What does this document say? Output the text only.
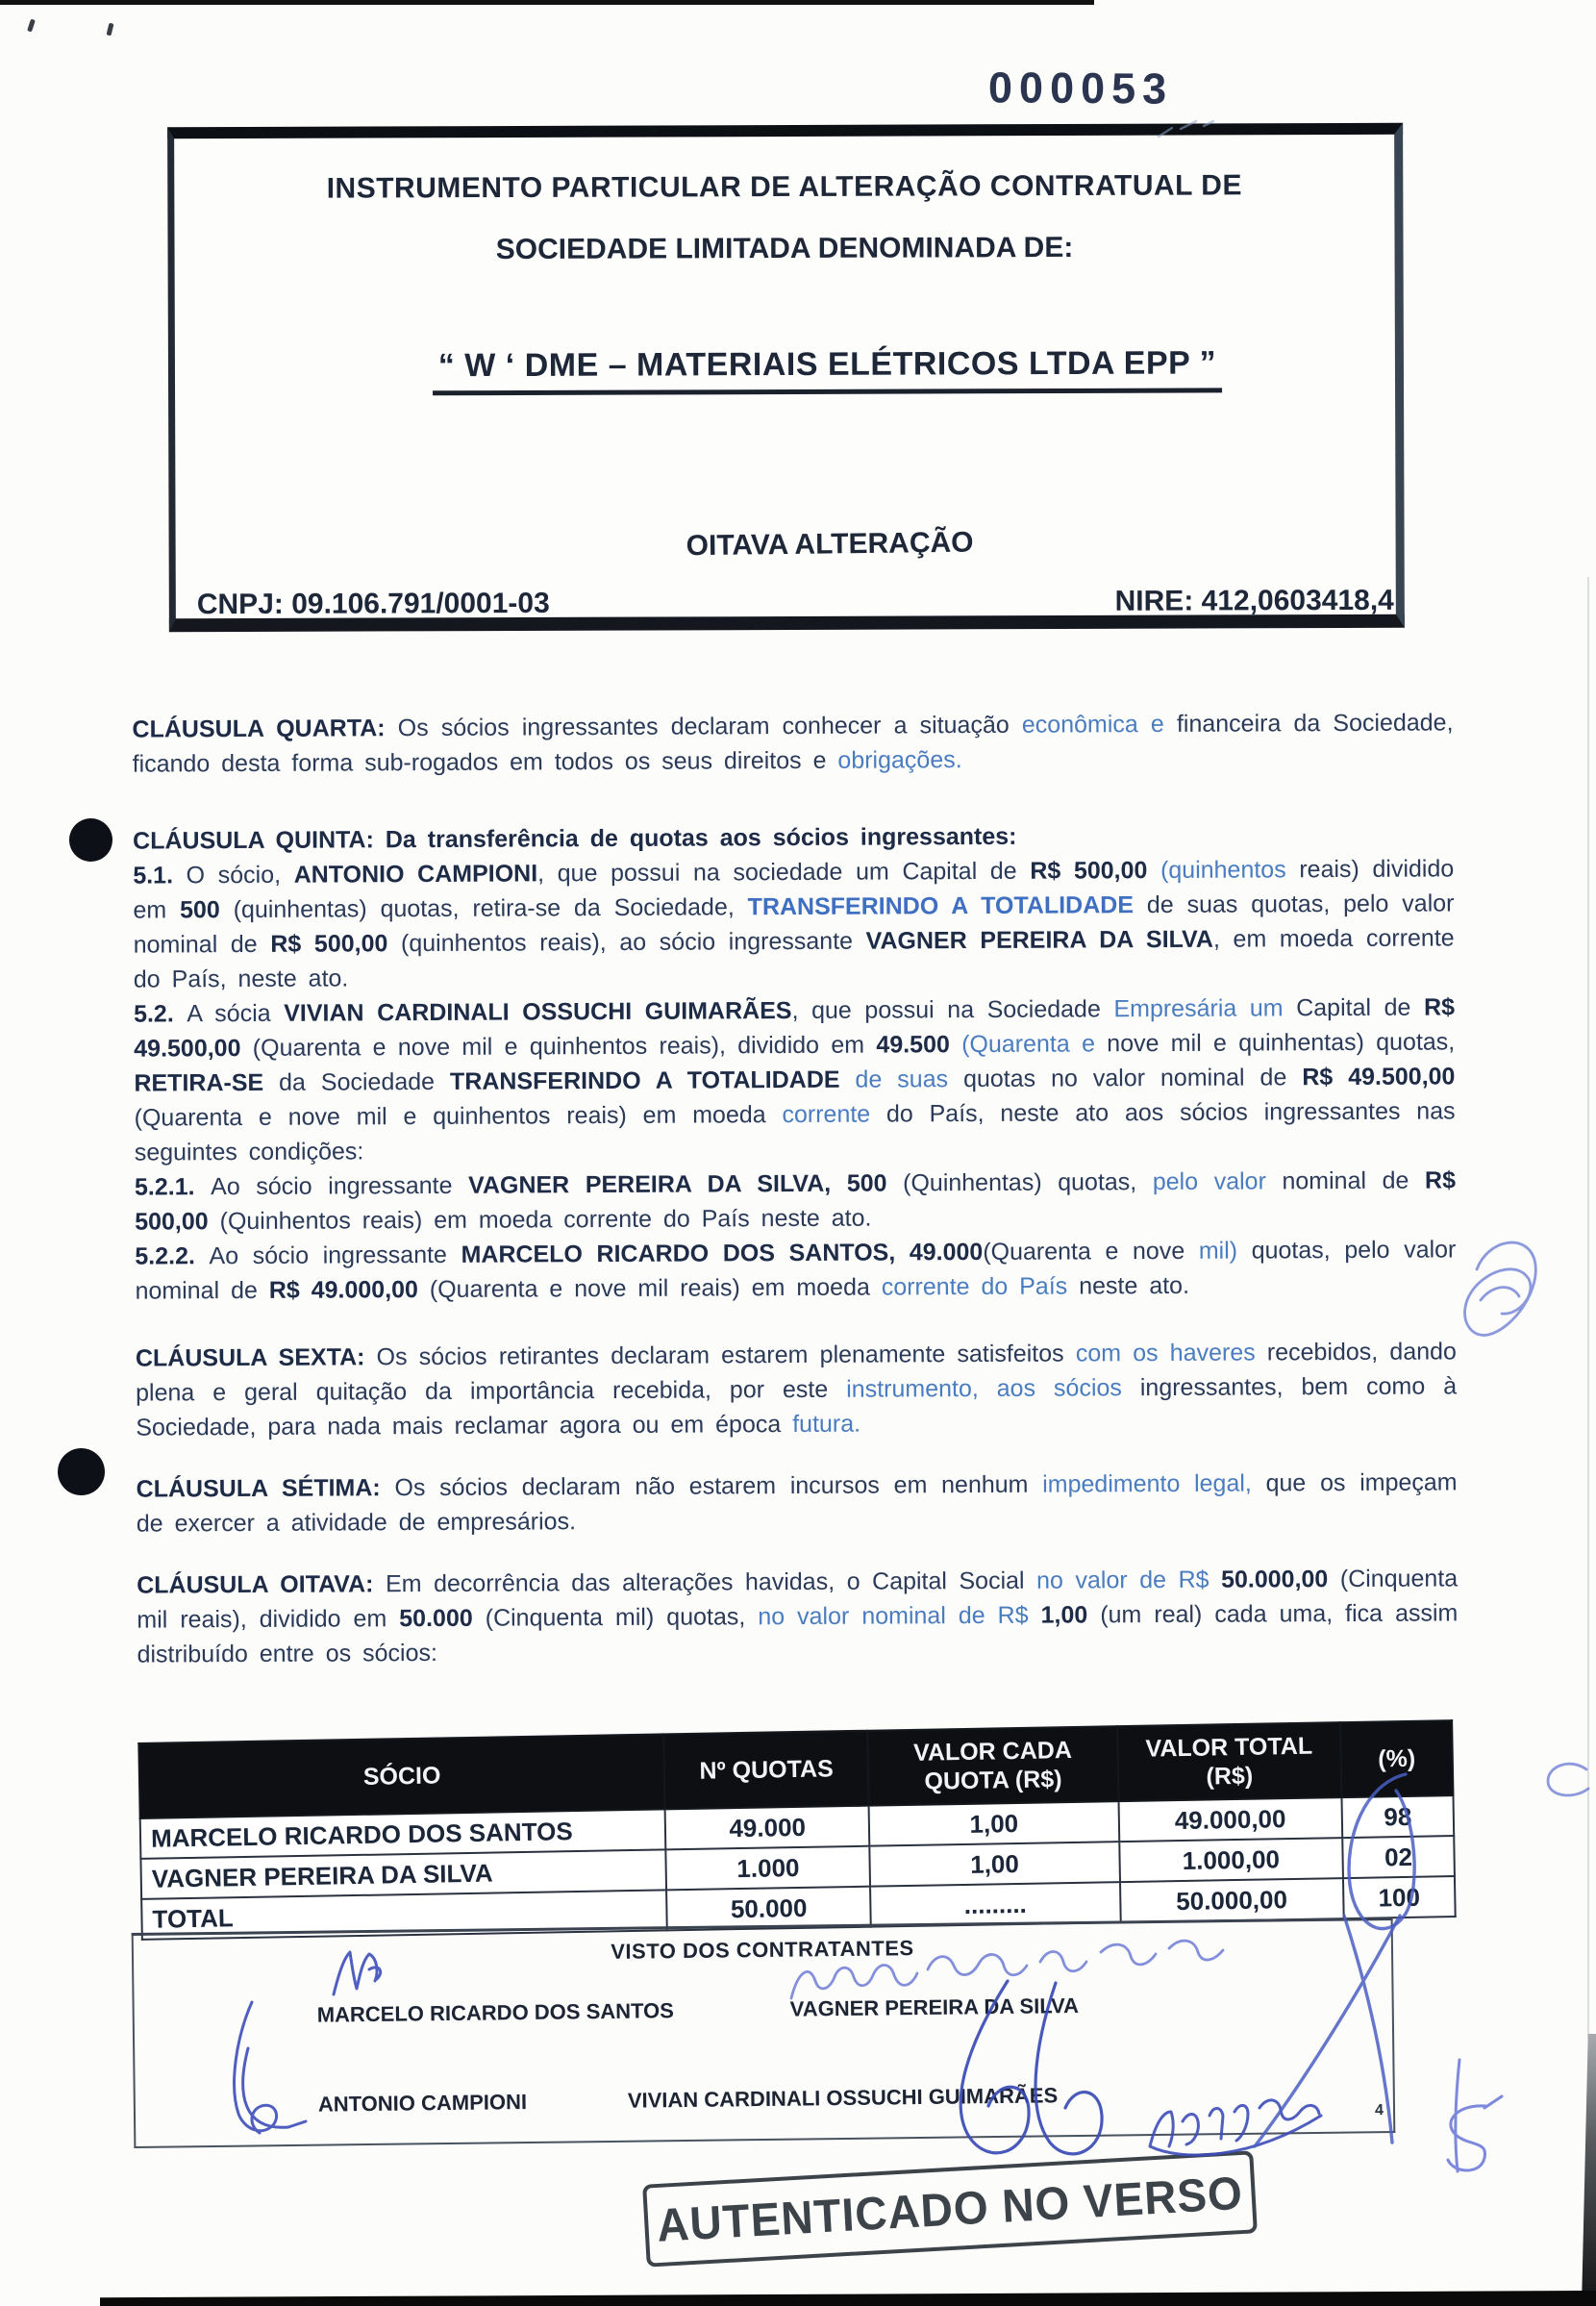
000053
INSTRUMENTO PARTICULAR DE ALTERAÇÃO CONTRATUAL DE
SOCIEDADE LIMITADA DENOMINADA DE:
“ W ‘ DME – MATERIAIS ELÉTRICOS LTDA EPP ”
OITAVA ALTERAÇÃO
CNPJ: 09.106.791/0001-03	NIRE: 412,0603418,4

CLÁUSULA QUARTA: Os sócios ingressantes declaram conhecer a situação econômica e financeira da Sociedade, ficando desta forma sub-rogados em todos os seus direitos e obrigações.

CLÁUSULA QUINTA: Da transferência de quotas aos sócios ingressantes:

5.1. O sócio, ANTONIO CAMPIONI, que possui na sociedade um Capital de R$ 500,00 (quinhentos reais) dividido em 500 (quinhentas) quotas, retira-se da Sociedade, TRANSFERINDO A TOTALIDADE de suas quotas, pelo valor nominal de R$ 500,00 (quinhentos reais), ao sócio ingressante VAGNER PEREIRA DA SILVA, em moeda corrente do País, neste ato.

5.2. A sócia VIVIAN CARDINALI OSSUCHI GUIMARÃES, que possui na Sociedade Empresária um Capital de R$ 49.500,00 (Quarenta e nove mil e quinhentos reais), dividido em 49.500 (Quarenta e nove mil e quinhentas) quotas, RETIRA-SE da Sociedade TRANSFERINDO A TOTALIDADE de suas quotas no valor nominal de R$ 49.500,00 (Quarenta e nove mil e quinhentos reais) em moeda corrente do País, neste ato aos sócios ingressantes nas seguintes condições:

5.2.1. Ao sócio ingressante VAGNER PEREIRA DA SILVA, 500 (Quinhentas) quotas, pelo valor nominal de R$ 500,00 (Quinhentos reais) em moeda corrente do País neste ato.

5.2.2. Ao sócio ingressante MARCELO RICARDO DOS SANTOS, 49.000(Quarenta e nove mil) quotas, pelo valor nominal de R$ 49.000,00 (Quarenta e nove mil reais) em moeda corrente do País neste ato.

CLÁUSULA SEXTA: Os sócios retirantes declaram estarem plenamente satisfeitos com os haveres recebidos, dando plena e geral quitação da importância recebida, por este instrumento, aos sócios ingressantes, bem como à Sociedade, para nada mais reclamar agora ou em época futura.

CLÁUSULA SÉTIMA: Os sócios declaram não estarem incursos em nenhum impedimento legal, que os impeçam de exercer a atividade de empresários.

CLÁUSULA OITAVA: Em decorrência das alterações havidas, o Capital Social no valor de R$ 50.000,00 (Cinquenta mil reais), dividido em 50.000 (Cinquenta mil) quotas, no valor nominal de R$ 1,00 (um real) cada uma, fica assim distribuído entre os sócios:

SÓCIO	Nº QUOTAS	VALOR CADA QUOTA (R$)	VALOR TOTAL (R$)	(%)
MARCELO RICARDO DOS SANTOS	49.000	1,00	49.000,00	98
VAGNER PEREIRA DA SILVA	1.000	1,00	1.000,00	02
TOTAL	50.000	.........	50.000,00	100
VISTO DOS CONTRATANTES
MARCELO RICARDO DOS SANTOS	VAGNER PEREIRA DA SILVA
ANTONIO CAMPIONI	VIVIAN CARDINALI OSSUCHI GUIMARÃES	4
AUTENTICADO NO VERSO
